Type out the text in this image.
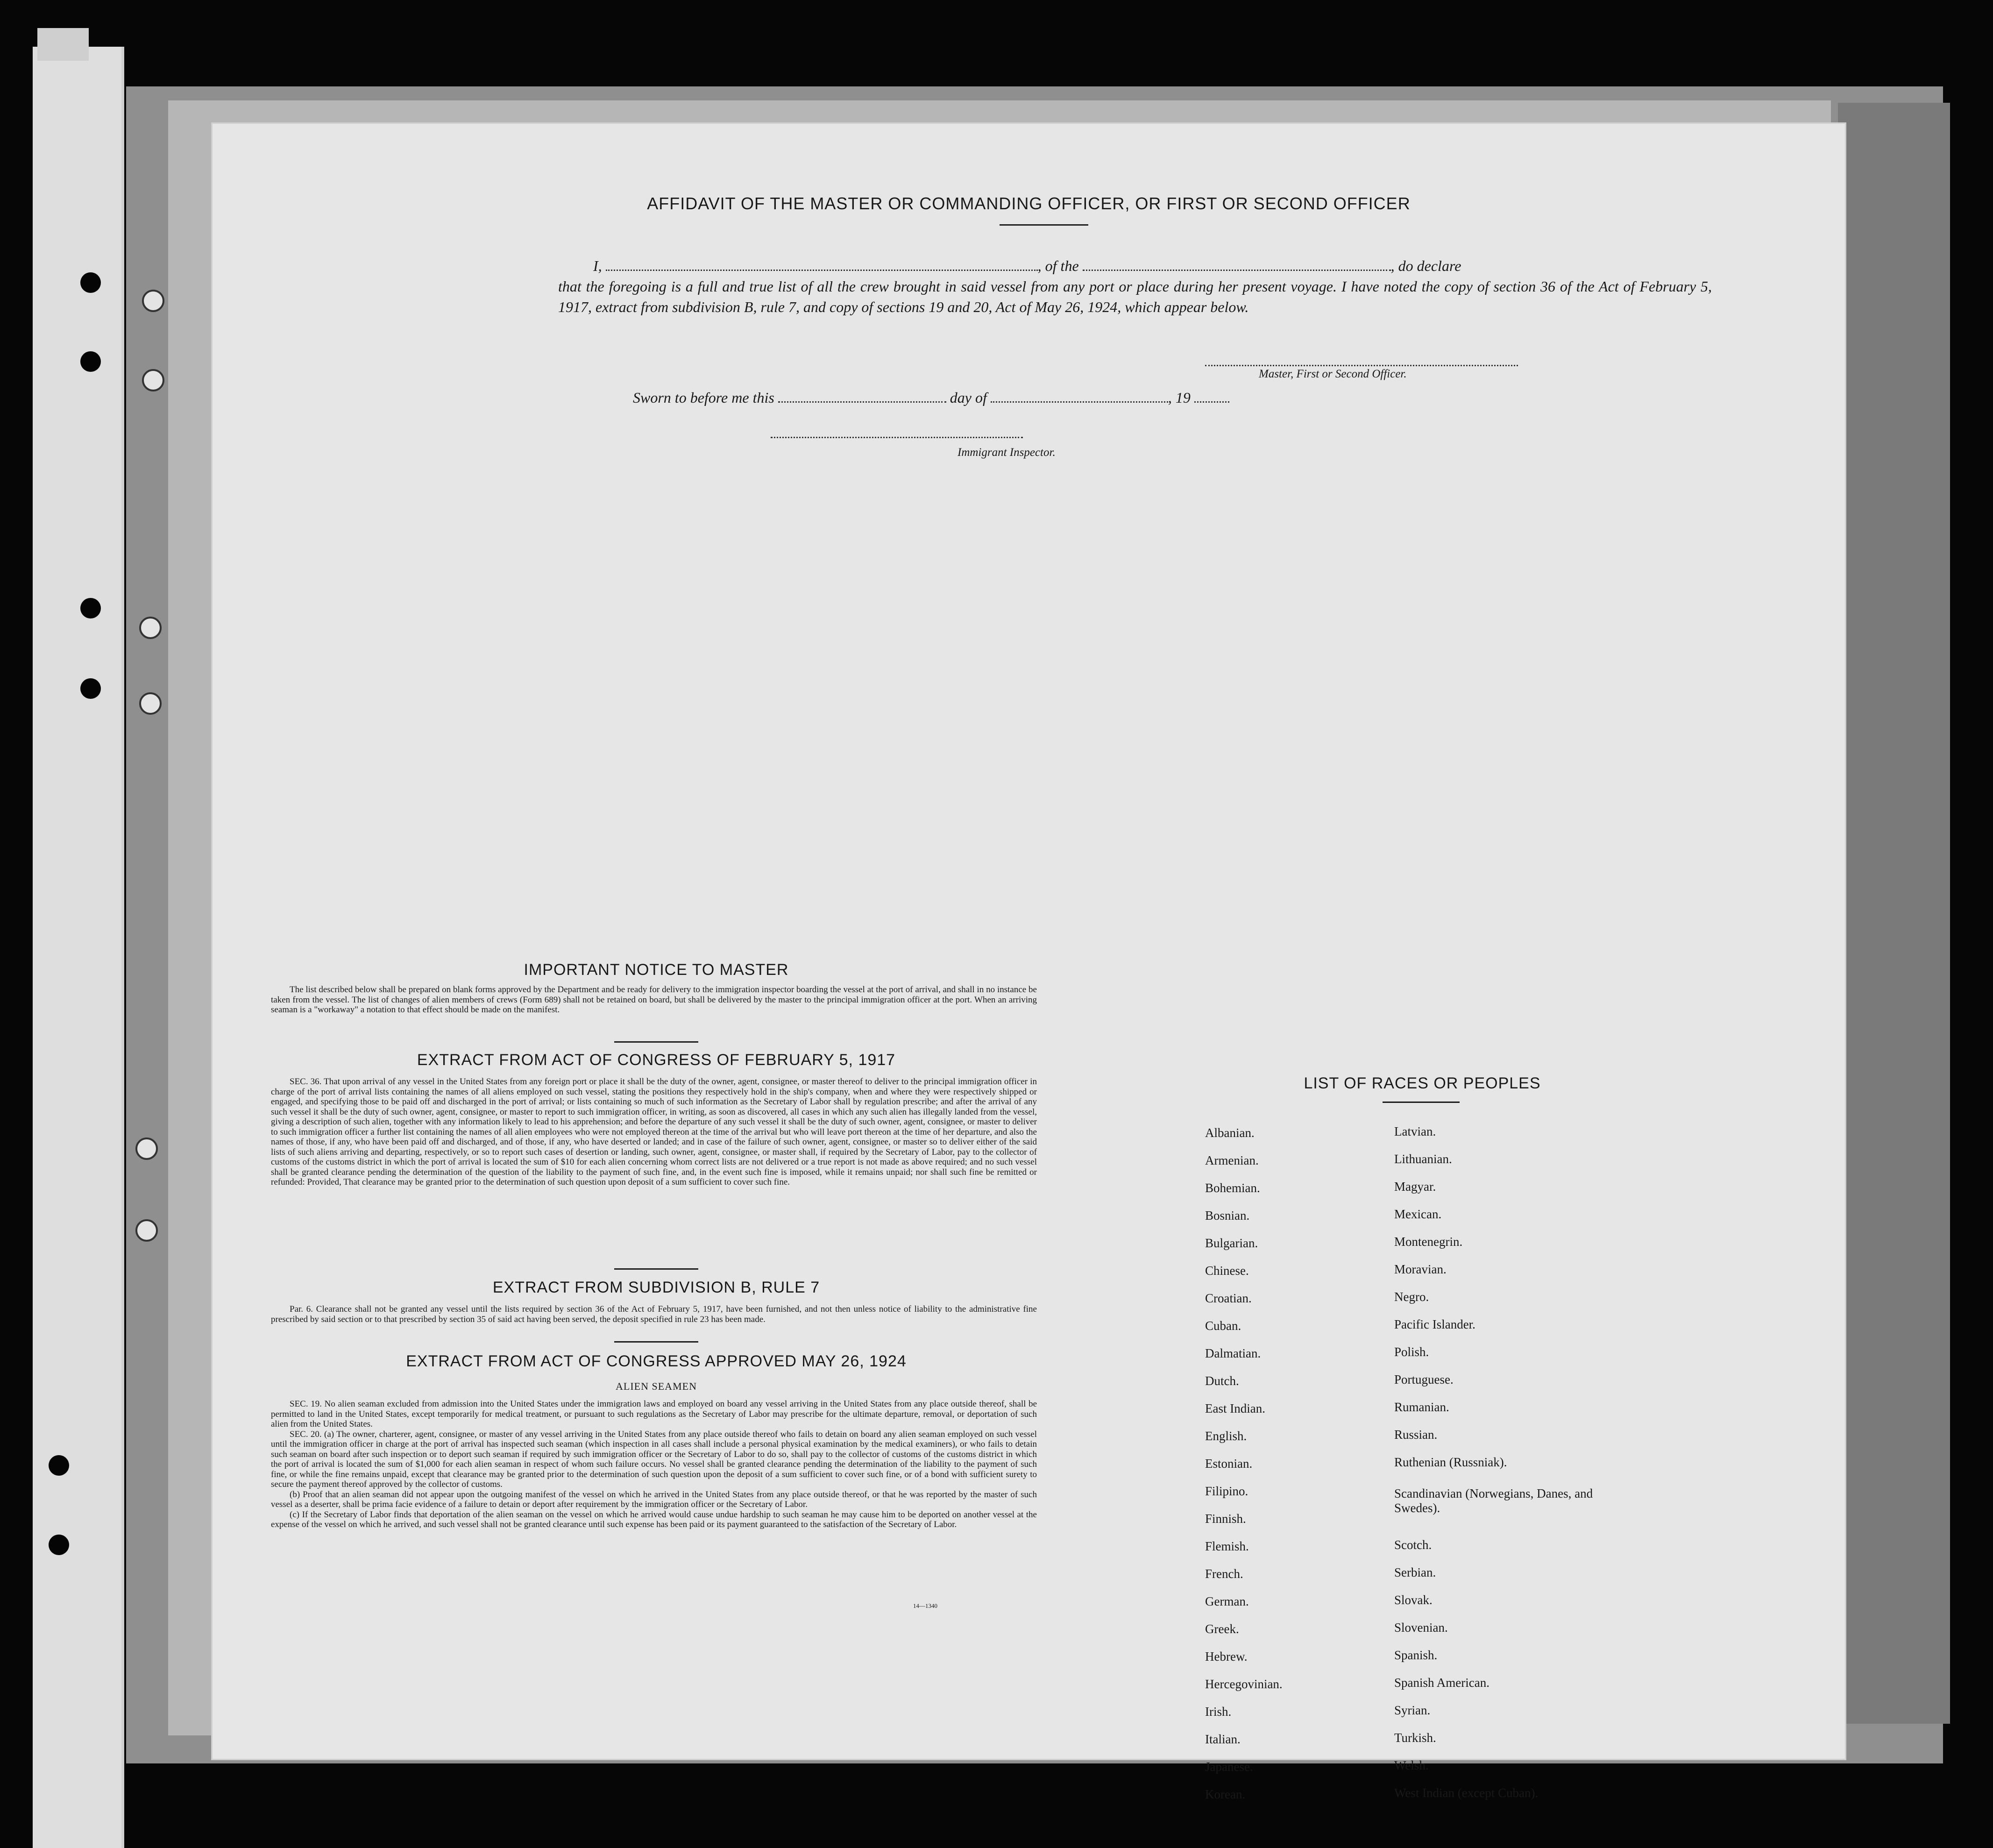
AFFIDAVIT OF THE MASTER OR COMMANDING OFFICER, OR FIRST OR SECOND OFFICER

I,	, of the	, do declare

that the foregoing is a full and true list of all the crew brought in said vessel from any port or place during her present voyage. I have noted the copy of section 36 of the Act of February 5, 1917, extract from subdivision B, rule 7, and copy of sections 19 and 20, Act of May 26, 1924, which appear below.

Master, First or Second Officer.
Sworn to before me this	day of	, 19
Immigrant Inspector.
IMPORTANT NOTICE TO MASTER

The list described below shall be prepared on blank forms approved by the Department and be ready for delivery to the immigration inspector boarding the vessel at the port of arrival, and shall in no instance be taken from the vessel. The list of changes of alien members of crews (Form 689) shall not be retained on board, but shall be delivered by the master to the principal immigration officer at the port. When an arriving seaman is a "workaway" a notation to that effect should be made on the manifest.

EXTRACT FROM ACT OF CONGRESS OF FEBRUARY 5, 1917

SEC. 36. That upon arrival of any vessel in the United States from any foreign port or place it shall be the duty of the owner, agent, consignee, or master thereof to deliver to the principal immigration officer in charge of the port of arrival lists containing the names of all aliens employed on such vessel, stating the positions they respectively hold in the ship's company, when and where they were respectively shipped or engaged, and specifying those to be paid off and discharged in the port of arrival; or lists containing so much of such information as the Secretary of Labor shall by regulation prescribe; and after the arrival of any such vessel it shall be the duty of such owner, agent, consignee, or master to report to such immigration officer, in writing, as soon as discovered, all cases in which any such alien has illegally landed from the vessel, giving a description of such alien, together with any information likely to lead to his apprehension; and before the departure of any such vessel it shall be the duty of such owner, agent, consignee, or master to deliver to such immigration officer a further list containing the names of all alien employees who were not employed thereon at the time of the arrival but who will leave port thereon at the time of her departure, and also the names of those, if any, who have been paid off and discharged, and of those, if any, who have deserted or landed; and in case of the failure of such owner, agent, consignee, or master so to deliver either of the said lists of such aliens arriving and departing, respectively, or so to report such cases of desertion or landing, such owner, agent, consignee, or master shall, if required by the Secretary of Labor, pay to the collector of customs of the customs district in which the port of arrival is located the sum of $10 for each alien concerning whom correct lists are not delivered or a true report is not made as above required; and no such vessel shall be granted clearance pending the determination of the question of the liability to the payment of such fine, and, in the event such fine is imposed, while it remains unpaid; nor shall such fine be remitted or refunded: Provided, That clearance may be granted prior to the determination of such question upon deposit of a sum sufficient to cover such fine.

EXTRACT FROM SUBDIVISION B, RULE 7

Par. 6. Clearance shall not be granted any vessel until the lists required by section 36 of the Act of February 5, 1917, have been furnished, and not then unless notice of liability to the administrative fine prescribed by said section or to that prescribed by section 35 of said act having been served, the deposit specified in rule 23 has been made.

EXTRACT FROM ACT OF CONGRESS APPROVED MAY 26, 1924
ALIEN SEAMEN

SEC. 19. No alien seaman excluded from admission into the United States under the immigration laws and employed on board any vessel arriving in the United States from any place outside thereof, shall be permitted to land in the United States, except temporarily for medical treatment, or pursuant to such regulations as the Secretary of Labor may prescribe for the ultimate departure, removal, or deportation of such alien from the United States.

SEC. 20. (a) The owner, charterer, agent, consignee, or master of any vessel arriving in the United States from any place outside thereof who fails to detain on board any alien seaman employed on such vessel until the immigration officer in charge at the port of arrival has inspected such seaman (which inspection in all cases shall include a personal physical examination by the medical examiners), or who fails to detain such seaman on board after such inspection or to deport such seaman if required by such immigration officer or the Secretary of Labor to do so, shall pay to the collector of customs of the customs district in which the port of arrival is located the sum of $1,000 for each alien seaman in respect of whom such failure occurs. No vessel shall be granted clearance pending the determination of the liability to the payment of such fine, or while the fine remains unpaid, except that clearance may be granted prior to the determination of such question upon the deposit of a sum sufficient to cover such fine, or of a bond with sufficient surety to secure the payment thereof approved by the collector of customs.

(b) Proof that an alien seaman did not appear upon the outgoing manifest of the vessel on which he arrived in the United States from any place outside thereof, or that he was reported by the master of such vessel as a deserter, shall be prima facie evidence of a failure to detain or deport after requirement by the immigration officer or the Secretary of Labor.

(c) If the Secretary of Labor finds that deportation of the alien seaman on the vessel on which he arrived would cause undue hardship to such seaman he may cause him to be deported on another vessel at the expense of the vessel on which he arrived, and such vessel shall not be granted clearance until such expense has been paid or its payment guaranteed to the satisfaction of the Secretary of Labor.

14—1340
LIST OF RACES OR PEOPLES
Albanian.
Armenian.
Bohemian.
Bosnian.
Bulgarian.
Chinese.
Croatian.
Cuban.
Dalmatian.
Dutch.
East Indian.
English.
Estonian.
Filipino.
Finnish.
Flemish.
French.
German.
Greek.
Hebrew.
Hercegovinian.
Irish.
Italian.
Japanese.
Korean.
Latvian.
Lithuanian.
Magyar.
Mexican.
Montenegrin.
Moravian.
Negro.
Pacific Islander.
Polish.
Portuguese.
Rumanian.
Russian.
Ruthenian (Russniak).
Scandinavian (Norwegians, Danes, and Swedes).
Scotch.
Serbian.
Slovak.
Slovenian.
Spanish.
Spanish American.
Syrian.
Turkish.
Welsh.
West Indian (except Cuban).
